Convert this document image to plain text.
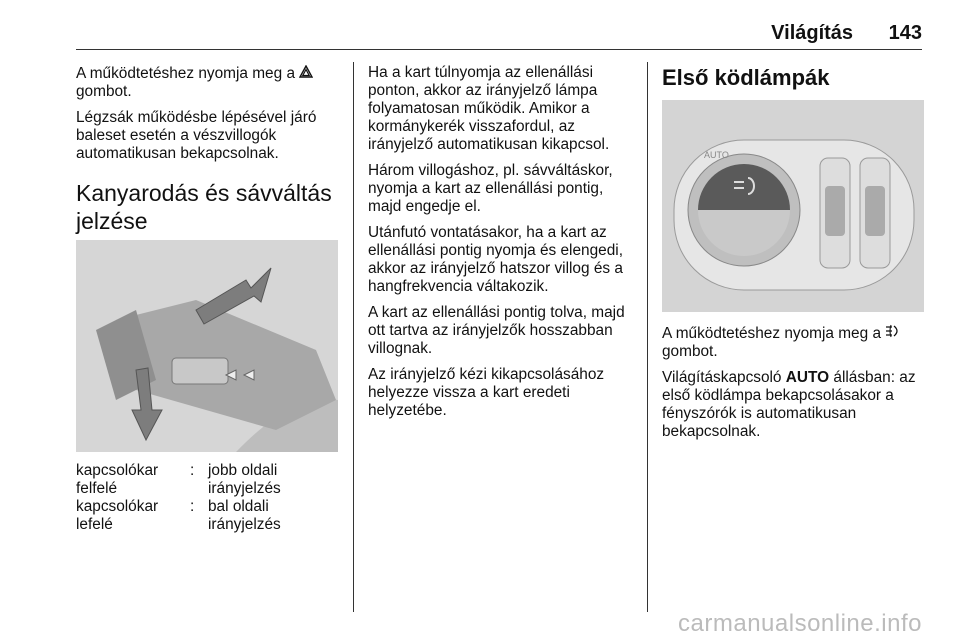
Világítás 143

A működtetéshez nyomja meg a  gombot.

Légzsák működésbe lépésével járó baleset esetén a vészvillogók automatikusan bekapcsolnak.

Kanyarodás és sávváltás jelzése
kapcsolókar felfelé
: jobb oldali irányjelzés
kapcsolókar lefelé
: bal oldali irányjelzés

Ha a kart túlnyomja az ellenállási ponton, akkor az irányjelző lámpa folyamatosan működik. Amikor a kormánykerék visszafordul, az irányjelző automatikusan kikapcsol.

Három villogáshoz, pl. sávváltáskor, nyomja a kart az ellenállási pontig, majd engedje el.

Utánfutó vontatásakor, ha a kart az ellenállási pontig nyomja és elengedi, akkor az irányjelző hatszor villog és a hangfrekvencia váltakozik.

A kart az ellenállási pontig tolva, majd ott tartva az irányjelzők hosszabban villognak.

Az irányjelző kézi kikapcsolásához helyezze vissza a kart eredeti helyzetébe.

Első ködlámpák
AUTO

A működtetéshez nyomja meg a  gombot.

Világításkapcsoló AUTO állásban: az első ködlámpa bekapcsolásakor a fényszórók is automatikusan bekapcsolnak.

carmanualsonline.info
